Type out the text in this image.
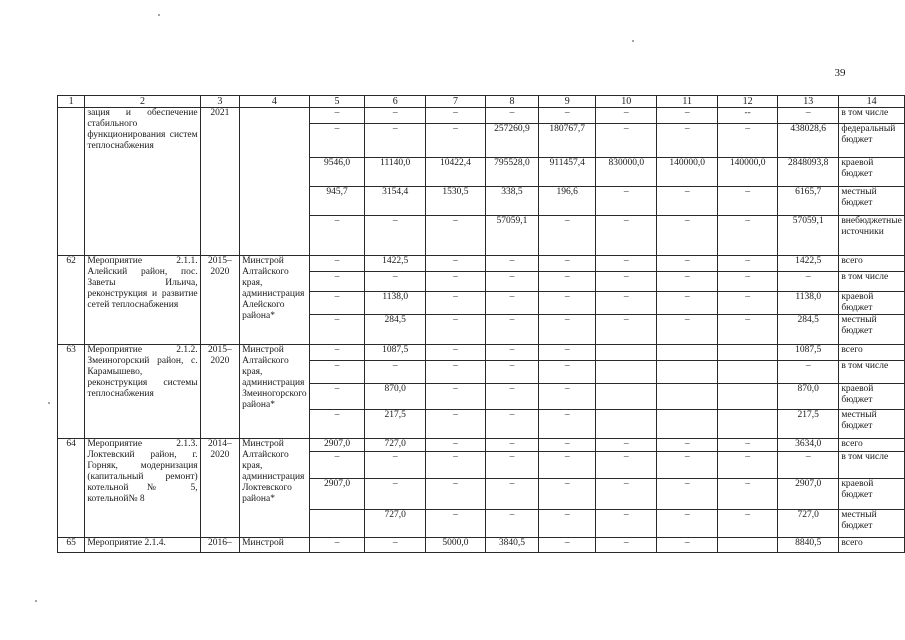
39
1	2	3	4	5	6	7	8	9	10	11	12	13	14
	зация и обеспечение стабильного функционирования систем теплоснабжения	2021		–	–	–	–	–	–	–	--	–	в том числе
				–	–	–	257260,9	180767,7	–	–	–	438028,6	федеральный бюджет
				9546,0	11140,0	10422,4	795528,0	911457,4	830000,0	140000,0	140000,0	2848093,8	краевой бюджет
				945,7	3154,4	1530,5	338,5	196,6	–	–	–	6165,7	местный бюджет
				–	–	–	57059,1	–	–	–	–	57059,1	внебюджетные источники
62	Мероприятие 2.1.1. Алейский район, пос. Заветы Ильича, реконструкция и развитие сетей теплоснабжения	2015–2020	Минстрой Алтайского края, администрация Алейского района*	–	1422,5	–	–	–	–	–	–	1422,5	всего
				–	–	–	–	–	–	–	–	–	в том числе
				–	1138,0	–	–	–	–	–	–	1138,0	краевой бюджет
				–	284,5	–	–	–	–	–	–	284,5	местный бюджет
63	Мероприятие 2.1.2. Змеиногорский район, с. Карамышево, реконструкция системы теплоснабжения	2015–2020	Минстрой Алтайского края, администрация Змеиногорского района*	–	1087,5	–	–	–				1087,5	всего
				–	–	–	–	–				–	в том числе
				–	870,0	–	–	–				870,0	краевой бюджет
				–	217,5	–	–	–				217,5	местный бюджет
64	Мероприятие 2.1.3. Локтевский район, г. Горняк, модернизация (капитальный ремонт) котельной № 5, котельной№ 8	2014–2020	Минстрой Алтайского края, администрация Локтевского района*	2907,0	727,0	–	–	–	–	–	–	3634,0	всего
				–	–	–	–	–	–	–	–	–	в том числе
				2907,0	–	–	–	–	–	–	–	2907,0	краевой бюджет
					727,0	–	–	–	–	–	–	727,0	местный бюджет
65	Мероприятие 2.1.4.	2016–	Минстрой	–	–	5000,0	3840,5	–	–	–		8840,5	всего
